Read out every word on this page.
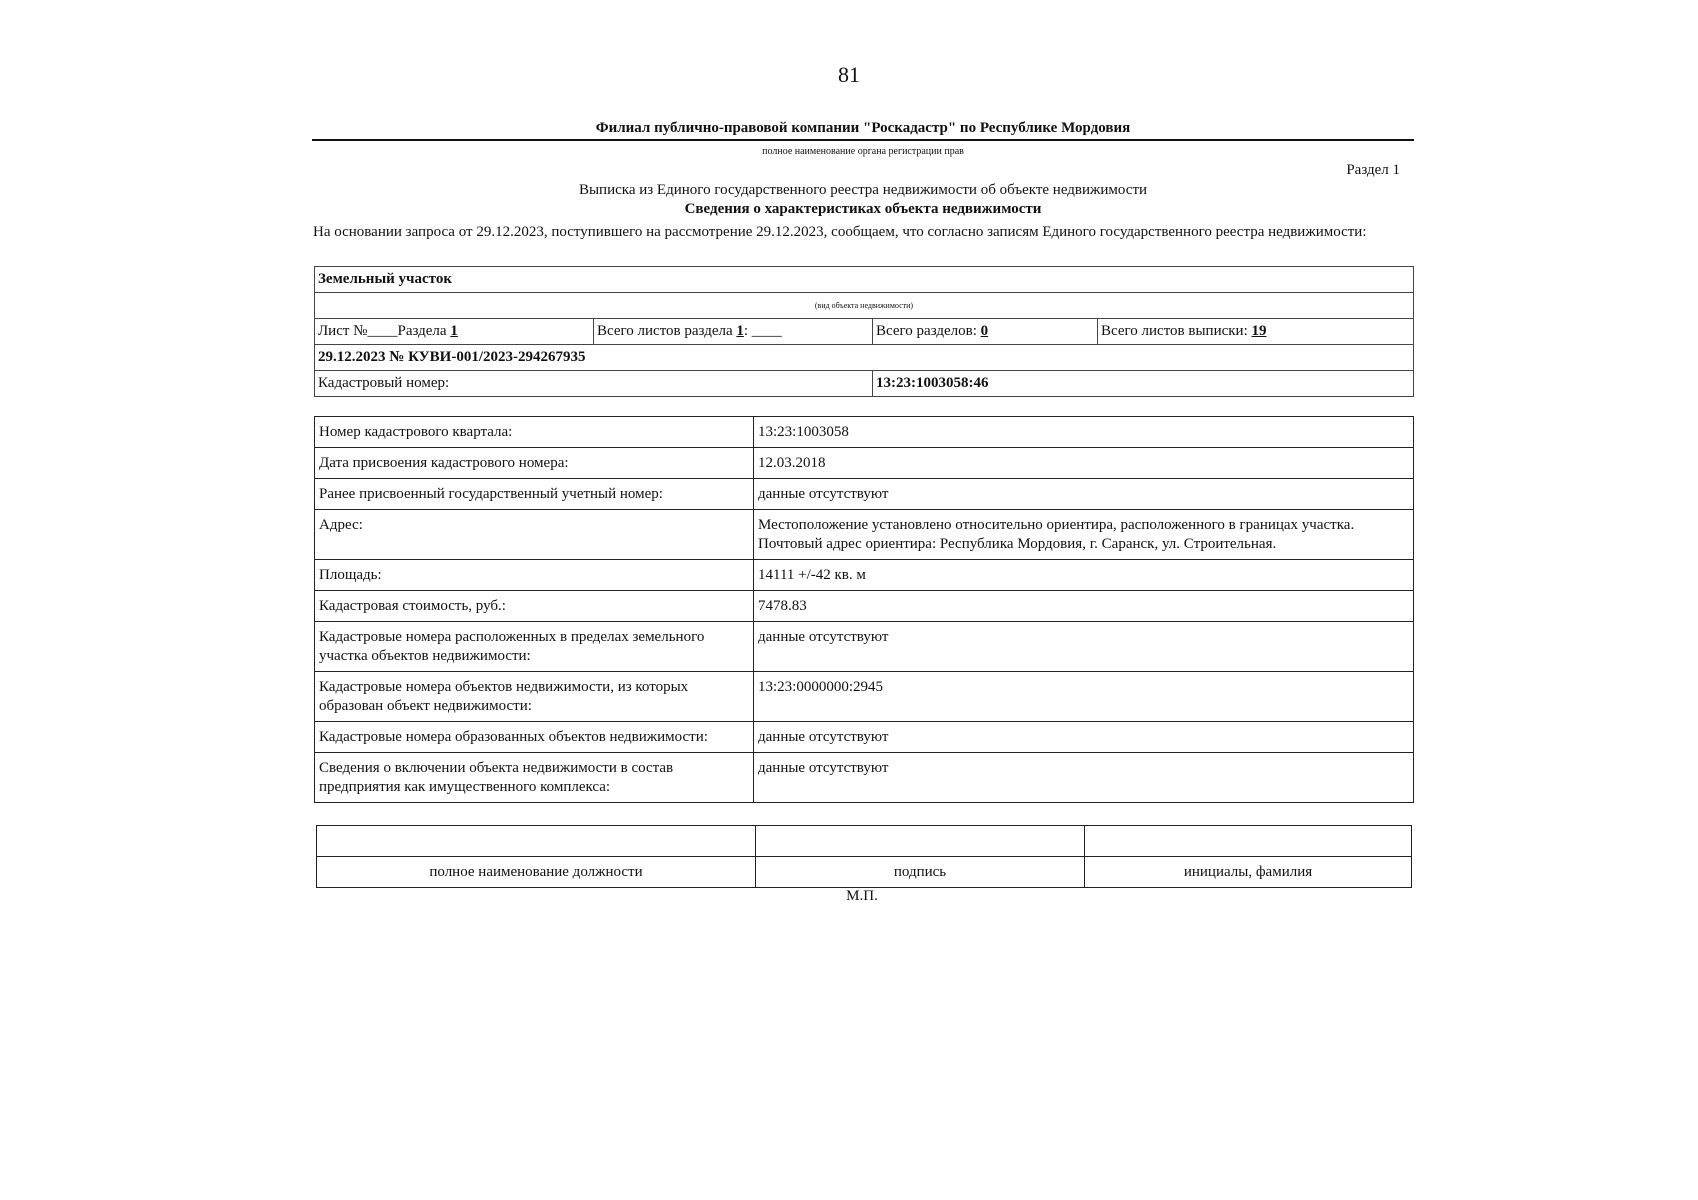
81
Филиал публично-правовой компании "Роскадастр" по Республике Мордовия
полное наименование органа регистрации прав
Раздел 1
Выписка из Единого государственного реестра недвижимости об объекте недвижимости
Сведения о характеристиках объекта недвижимости
На основании запроса от 29.12.2023, поступившего на рассмотрение 29.12.2023, сообщаем, что согласно записям Единого государственного реестра недвижимости:
Земельный участок			
(вид объекта недвижимости)			
Лист №____Раздела 1	Всего листов раздела 1: ____	Всего разделов: 0	Всего листов выписки: 19
29.12.2023 № КУВИ-001/2023-294267935			
Кадастровый номер:		13:23:1003058:46	
Номер кадастрового квартала:	13:23:1003058
Дата присвоения кадастрового номера:	12.03.2018
Ранее присвоенный государственный учетный номер:	данные отсутствуют
Адрес:	Местоположение установлено относительно ориентира, расположенного в границах участка. Почтовый адрес ориентира: Республика Мордовия, г. Саранск, ул. Строительная.
Площадь:	14111 +/-42 кв. м
Кадастровая стоимость, руб.:	7478.83
Кадастровые номера расположенных в пределах земельного участка объектов недвижимости:	данные отсутствуют
Кадастровые номера объектов недвижимости, из которых образован объект недвижимости:	13:23:0000000:2945
Кадастровые номера образованных объектов недвижимости:	данные отсутствуют
Сведения о включении объекта недвижимости в состав предприятия как имущественного комплекса:	данные отсутствуют

полное наименование должности	подпись	инициалы, фамилия
М.П.
